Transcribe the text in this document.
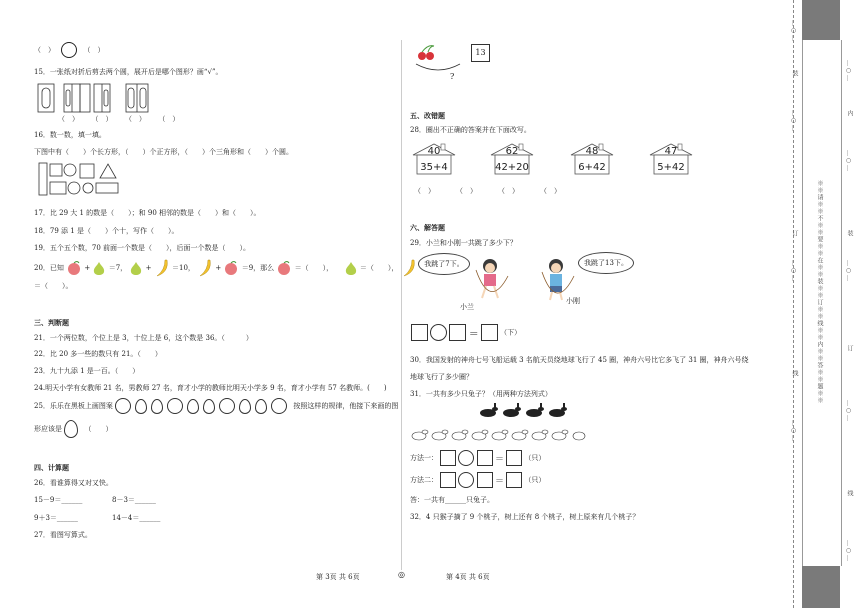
（　）	（　）
15．一张纸对折后剪去两个圆，展开后是哪个图形？画“√”。
（　） （　） （　） （　）
16．数一数，填一填。
下图中有（　　）个长方形，（　　）个正方形，（　　）个三角形和（　　）个圆。
17．比 29 大 1 的数是（　　）；和 90 相邻的数是（　　）和（　　）。
18．79 添 1 是（　　）个十，写作（　　）。
19．五个五个数，70 前面一个数是（　　），后面一个数是（　　）。
20．已知	+  ＝7，  +	＝10，	+	＝9，那么	＝（　　），	＝（　　），
＝（　　）。
三、判断题
21．一个两位数，个位上是 3，十位上是 6，这个数是 36。（　　　）
22．比 20 多一些的数只有 21。（　　）
23．九十九添 1 是一百。（　　）
24.明天小学有女教师 21 名，男教师 27 名，育才小学的教师比明天小学多 9 名，育才小学有 57 名教师。(　　)
25．乐乐在黑板上画图案	按照这样的规律，他接下来画的图
形应该是	（　　）
四、计算题
26．看谁算得又对又快。
15－9＝______	8－3＝______
9＋3＝______	14－4＝______
27．看图写算式。
13
?
五、改错题
28．圈出不正确的答案并在下面改写。
40
35+4
62
42+20
48
6+42
47
5+42
（　）	（　）	（　）	（　）
六、解答题
29．小兰和小刚一共跳了多少下？
我跳了7下。	我跳了13下。
小兰
小刚
＝	（下）
30．我国发射的神舟七号飞船运载 3 名航天员绕地球飞行了 45 圈，神舟六号比它多飞了 31 圈，神舟六号绕
地球飞行了多少圈？
31．一共有多少只兔子？（用两种方法列式）
方法一：	＝	（只）
方法二：	＝	（只）
答：一共有______只兔子。
32．4 只猴子摘了 9 个桃子，树上还有 8 个桃子，树上原来有几个桃子？
第 3页 共 6页	◎	第 4页 共 6页
※※请※※不※※要※※在※※装※※订※※线※※内※※答※※题※※
…○…
装
…○…
订
…○…
线
…○…
…○…
内
…○…
装
…○…
订
…○…
线
…○…
